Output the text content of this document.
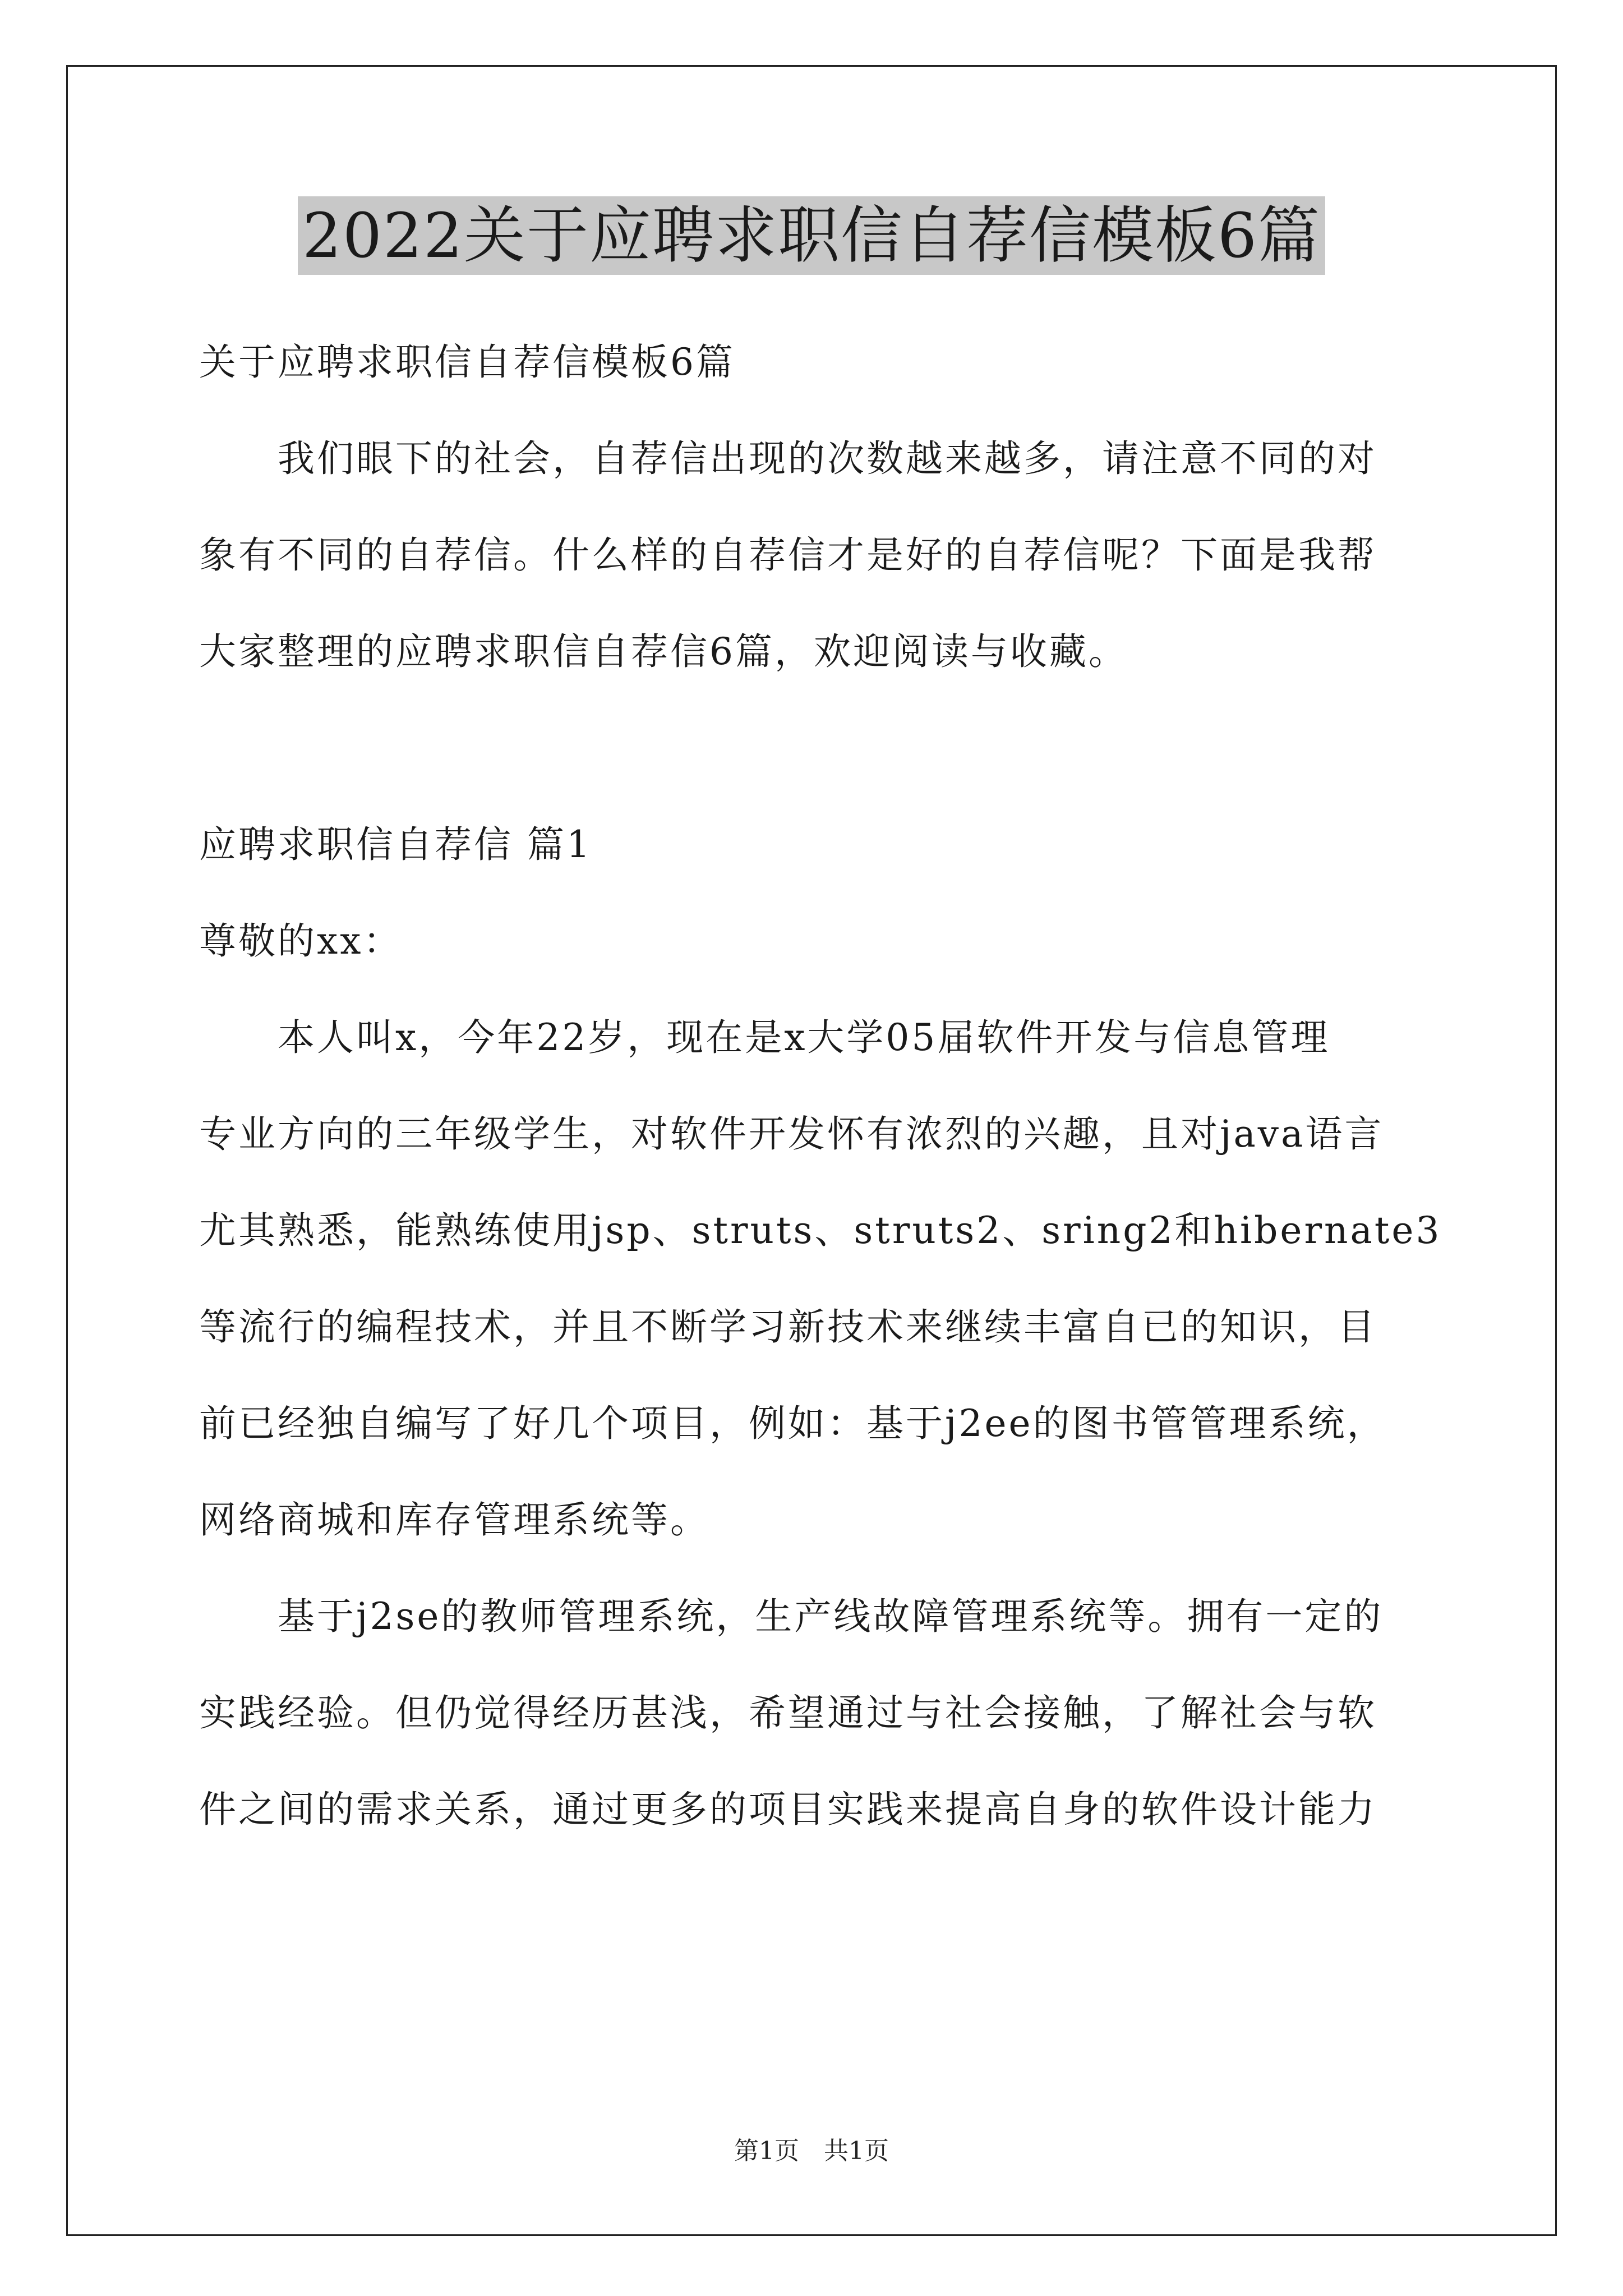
2022关于应聘求职信自荐信模板6篇

关于应聘求职信自荐信模板6篇

我们眼下的社会，自荐信出现的次数越来越多，请注意不同的对

象有不同的自荐信。什么样的自荐信才是好的自荐信呢？下面是我帮

大家整理的应聘求职信自荐信6篇，欢迎阅读与收藏。

应聘求职信自荐信 篇1

尊敬的xx：

本人叫x，今年22岁，现在是x大学05届软件开发与信息管理

专业方向的三年级学生，对软件开发怀有浓烈的兴趣，且对java语言

尤其熟悉，能熟练使用jsp、struts、struts2、sring2和hibernate3

等流行的编程技术，并且不断学习新技术来继续丰富自已的知识，目

前已经独自编写了好几个项目，例如：基于j2ee的图书管管理系统，

网络商城和库存管理系统等。

基于j2se的教师管理系统，生产线故障管理系统等。拥有一定的

实践经验。但仍觉得经历甚浅，希望通过与社会接触，了解社会与软

件之间的需求关系，通过更多的项目实践来提高自身的软件设计能力

第1页　共1页
